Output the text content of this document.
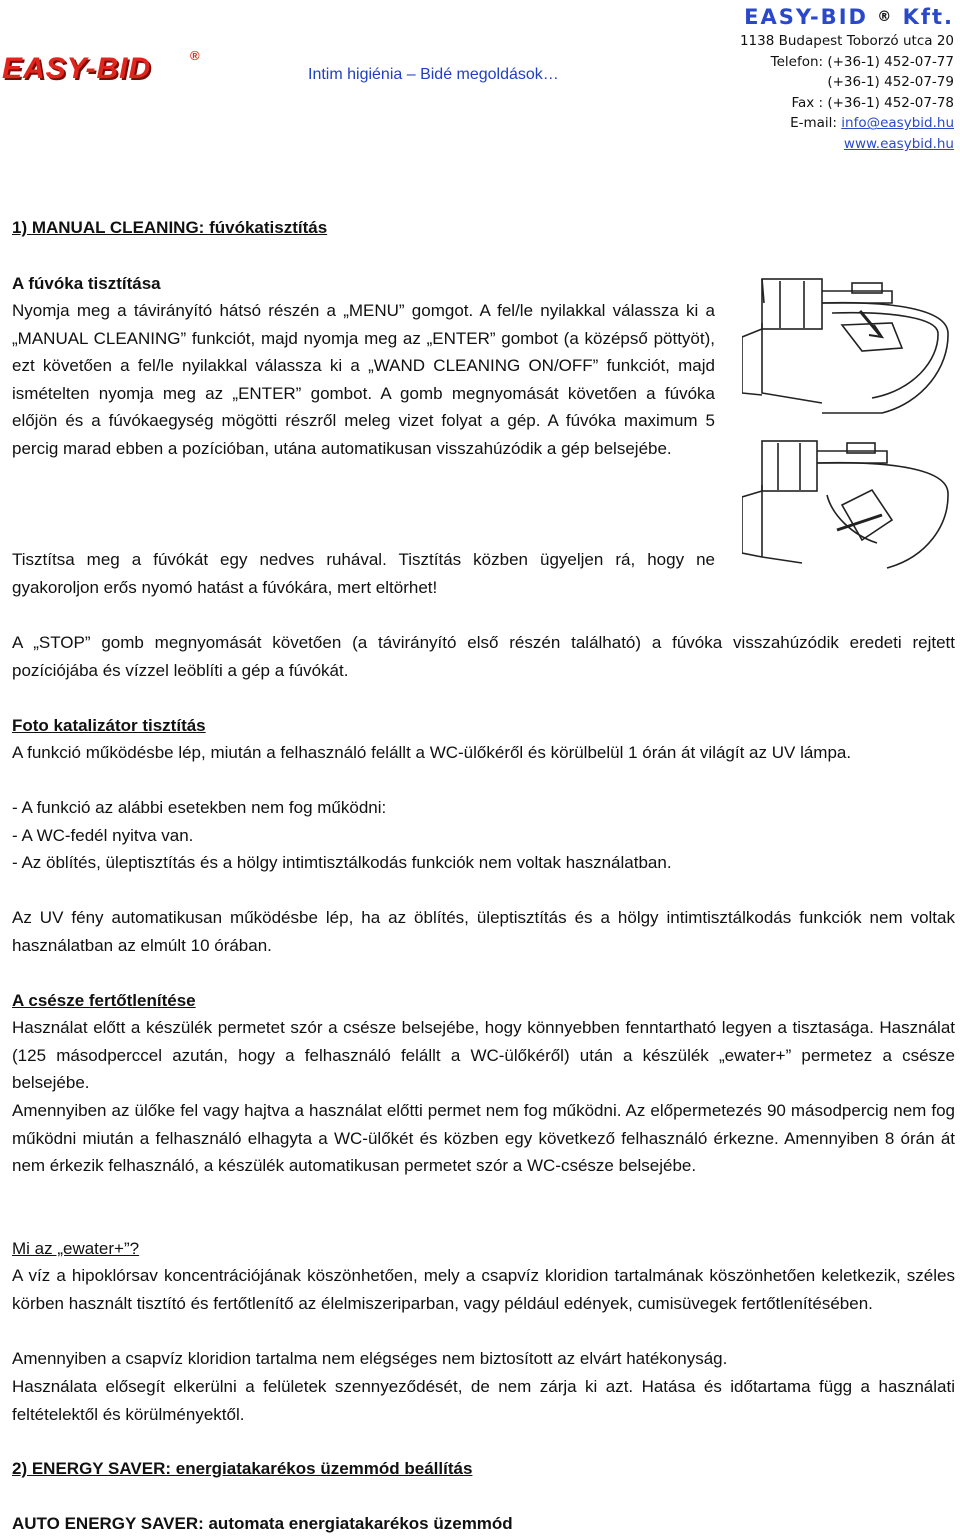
EASY-BID	®
Intim higiénia – Bidé megoldások…
EASY-BID ® Kft.
1138 Budapest Toborzó utca 20
Telefon: (+36-1) 452-07-77
(+36-1) 452-07-79
Fax : (+36-1) 452-07-78
E-mail: info@easybid.hu
www.easybid.hu

1) MANUAL CLEANING: fúvókatisztítás

A fúvóka tisztítása

Nyomja meg a távirányító hátsó részén a „MENU” gomgot. A fel/le nyilakkal válassza ki a „MANUAL CLEANING” funkciót, majd nyomja meg az „ENTER” gombot (a középső pöttyöt), ezt követően a fel/le nyilakkal válassza ki a „WAND CLEANING ON/OFF” funkciót, majd ismételten nyomja meg az „ENTER” gombot. A gomb megnyomását követően a fúvóka előjön és a fúvókaegység mögötti részről meleg vizet folyat a gép. A fúvóka maximum 5 percig marad ebben a pozícióban, utána automatikusan visszahúzódik a gép belsejébe.

Tisztítsa meg a fúvókát egy nedves ruhával. Tisztítás közben ügyeljen rá, hogy ne gyakoroljon erős nyomó hatást a fúvókára, mert eltörhet!

A „STOP” gomb megnyomását követően (a távirányító első részén található) a fúvóka visszahúzódik eredeti rejtett pozíciójába és vízzel leöblíti a gép a fúvókát.

Foto katalizátor tisztítás

A funkció működésbe lép, miután a felhasználó felállt a WC-ülőkéről és körülbelül 1 órán át világít az UV lámpa.

- A funkció az alábbi esetekben nem fog működni:

- A WC-fedél nyitva van.

- Az öblítés, üleptisztítás és a hölgy intimtisztálkodás funkciók nem voltak használatban.

Az UV fény automatikusan működésbe lép, ha az öblítés, üleptisztítás és a hölgy intimtisztálkodás funkciók nem voltak használatban az elmúlt 10 órában.

A csésze fertőtlenítése

Használat előtt a készülék permetet szór a csésze belsejébe, hogy könnyebben fenntartható legyen a tisztasága. Használat (125 másodperccel azután, hogy a felhasználó felállt a WC-ülőkéről) után a készülék „ewater+” permetez a csésze belsejébe.

Amennyiben az ülőke fel vagy hajtva a használat előtti permet nem fog működni. Az előpermetezés 90 másodpercig nem fog működni miután a felhasználó elhagyta a WC-ülőkét és közben egy következő felhasználó érkezne. Amennyiben 8 órán át nem érkezik felhasználó, a készülék automatikusan permetet szór a WC-csésze belsejébe.

Mi az „ewater+”?

A víz a hipoklórsav koncentrációjának köszönhetően, mely a csapvíz kloridion tartalmának köszönhetően keletkezik, széles körben használt tisztító és fertőtlenítő az élelmiszeriparban, vagy például edények, cumisüvegek fertőtlenítésében.

Amennyiben a csapvíz kloridion tartalma nem elégséges nem biztosított az elvárt hatékonyság.

Használata elősegít elkerülni a felületek szennyeződését, de nem zárja ki azt. Hatása és időtartama függ a használati feltételektől és körülményektől.

2) ENERGY SAVER: energiatakarékos üzemmód beállítás

AUTO ENERGY SAVER: automata energiatakarékos üzemmód
